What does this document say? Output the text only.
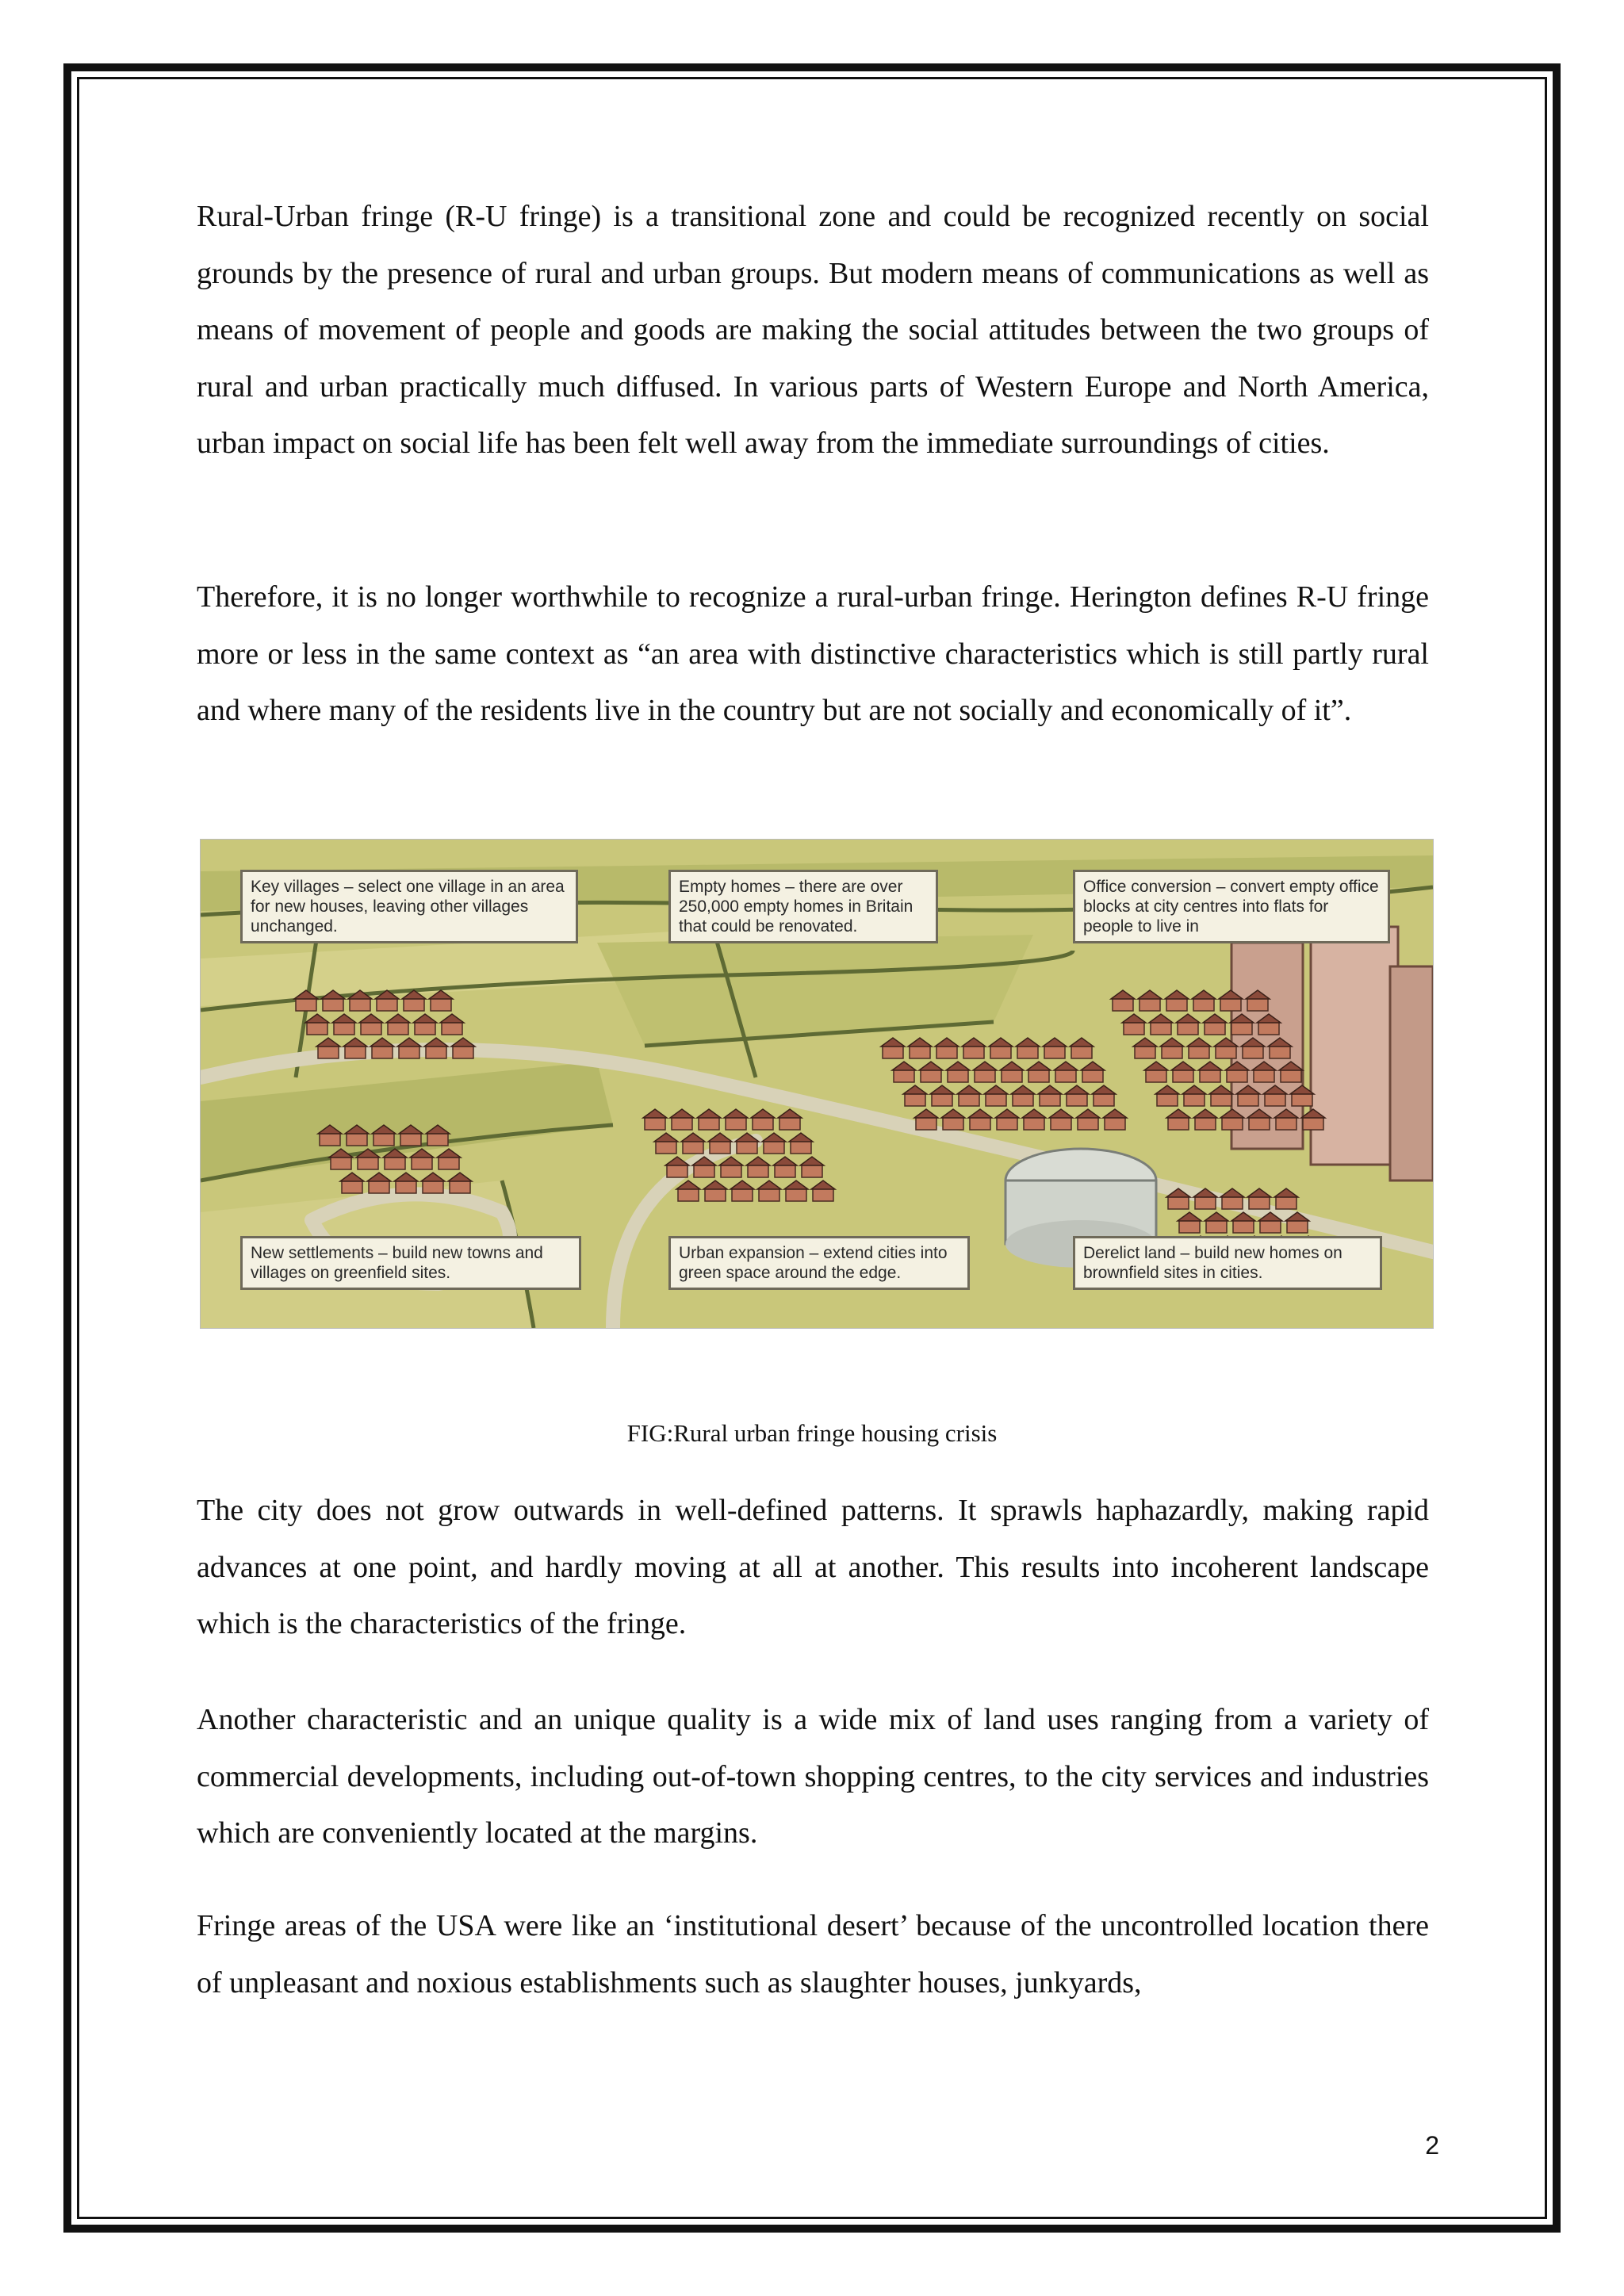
Rural-Urban fringe (R-U fringe) is a transitional zone and could be recognized recently on social grounds by the presence of rural and urban groups. But modern means of communications as well as means of movement of people and goods are making the social attitudes between the two groups of rural and urban practically much diffused. In various parts of Western Europe and North America, urban impact on social life has been felt well away from the immediate surroundings of cities.

Therefore, it is no longer worthwhile to recognize a rural-urban fringe. Herington defines R-U fringe more or less in the same context as “an area with distinctive characteristics which is still partly rural and where many of the residents live in the country but are not socially and economically of it”.

The city does not grow outwards in well-defined patterns. It sprawls haphazardly, making rapid advances at one point, and hardly moving at all at another. This results into incoherent landscape which is the characteristics of the fringe.

Another characteristic and an unique quality is a wide mix of land uses ranging from a variety of commercial developments, including out-of-town shopping centres, to the city services and industries which are conveniently located at the margins.

Fringe areas of the USA were like an ‘institutional desert’ because of the uncontrolled location there of unpleasant and noxious establishments such as slaughter houses, junkyards,

Key villages – select one village in an area for new houses, leaving other villages unchanged.
Empty homes – there are over 250,000 empty homes in Britain that could be renovated.
Office conversion – convert empty office blocks at city centres into flats for people to live in
New settlements – build new towns and villages on greenfield sites.
Urban expansion – extend cities into green space around the edge.
Derelict land – build new homes on brownfield sites in cities.
FIG:Rural urban fringe housing crisis
2
